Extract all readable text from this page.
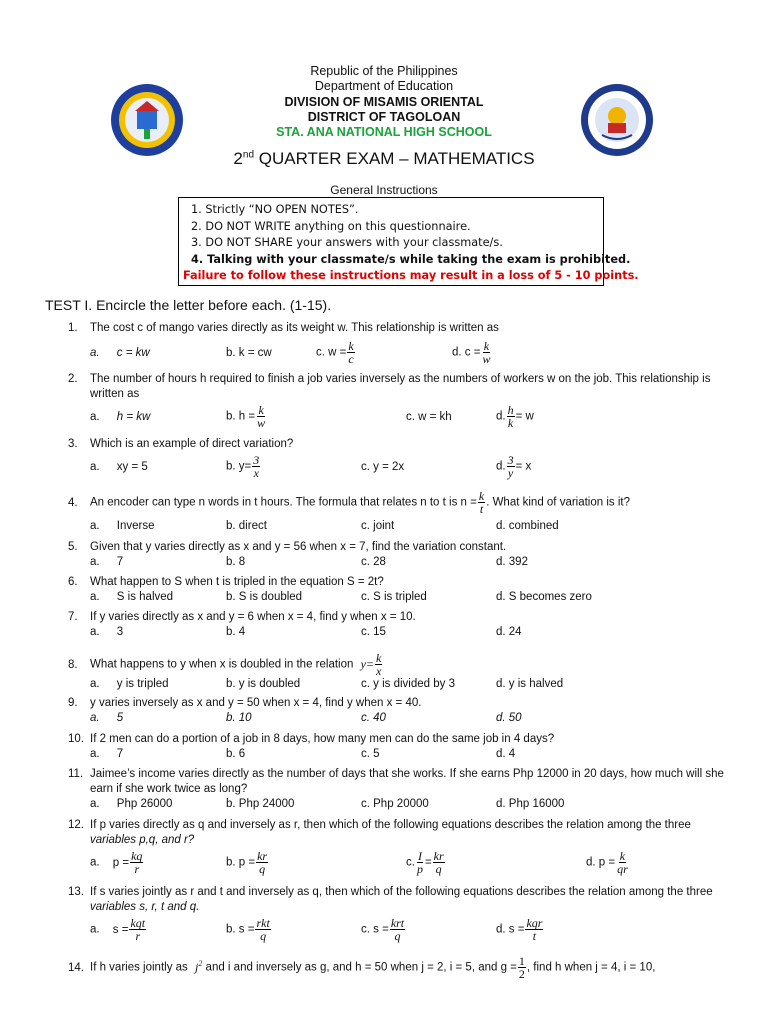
Republic of the Philippines
Department of Education
DIVISION OF MISAMIS ORIENTAL
DISTRICT OF TAGOLOAN
STA. ANA NATIONAL HIGH SCHOOL
2nd QUARTER EXAM – MATHEMATICS
General Instructions
1. Strictly “NO OPEN NOTES”.
2. DO NOT WRITE anything on this questionnaire.
3. DO NOT SHARE your answers with your classmate/s.
4. Talking with your classmate/s while taking the exam is prohibited.
Failure to follow these instructions may result in a loss of 5 - 10 points.
TEST I. Encircle the letter before each. (1-15).
1. The cost c of mango varies directly as its weight w. This relationship is written as
a. c = kw	b. k = cw	c. $w = \frac{k}{c}$	d. $c = \frac{k}{w}$
2. The number of hours h required to finish a job varies inversely as the numbers of workers w on the job. This relationship is
written as
a. h = kw	b. $h = \frac{k}{w}$	c. w = kh	d. $\frac{h}{k} = w$
3. Which is an example of direct variation?
a. xy = 5	b. $y= \frac{3}{x}$	c. y = 2x	d. $\frac{3}{y} = x$
4. An encoder can type n words in t hours. The formula that relates n to t is $n = \frac{k}{t}$ . What kind of variation is it?
a. Inverse	b. direct	c. joint	d. combined
5. Given that y varies directly as x and y = 56 when x = 7, find the variation constant.
a. 7	b. 8	c. 28	d. 392
6. What happen to S when t is tripled in the equation S = 2t?
a. S is halved	b. S is doubled	c. S is tripled	d. S becomes zero
7. If y varies directly as x and y = 6 when x = 4, find y when x = 10.
a. 3	b. 4	c. 15	d. 24
8. What happens to y when x is doubled in the relation $y= \frac{k}{x}$
a. y is tripled	b. y is doubled	c. y is divided by 3	d. y is halved
9. y varies inversely as x and y = 50 when x = 4, find y when x = 40.
a. 5	b. 10	c. 40	d. 50
10. If 2 men can do a portion of a job in 8 days, how many men can do the same job in 4 days?
a. 7	b. 6	c. 5	d. 4
11. Jaimee’s income varies directly as the number of days that she works. If she earns Php 12000 in 20 days, how much will she
earn if she work twice as long?
a. Php 26000	b. Php 24000	c. Php 20000	d. Php 16000
12. If p varies directly as q and inversely as r, then which of the following equations describes the relation among the three
variables p,q, and r?
a. $p = \frac{kq}{r}$	b. $p = \frac{kr}{q}$	c. $\frac{I}{p} = \frac{kr}{q}$	d. $p = \frac{k}{qr}$
13. If s varies jointly as r and t and inversely as q, then which of the following equations describes the relation among the three
variables s, r, t and q.
a. $s = \frac{\text{kqt}}{r}$	b. $s = \frac{\text{rkt}}{q}$	c. $s = \frac{\text{krt}}{q}$	d. $s = \frac{\text{kqr}}{t}$
14. If h varies jointly as $j^2$ and i and inversely as g, and h = 50 when j = 2, i = 5, and $g = \frac{1}{2}$ , find h when j = 4, i = 10,
